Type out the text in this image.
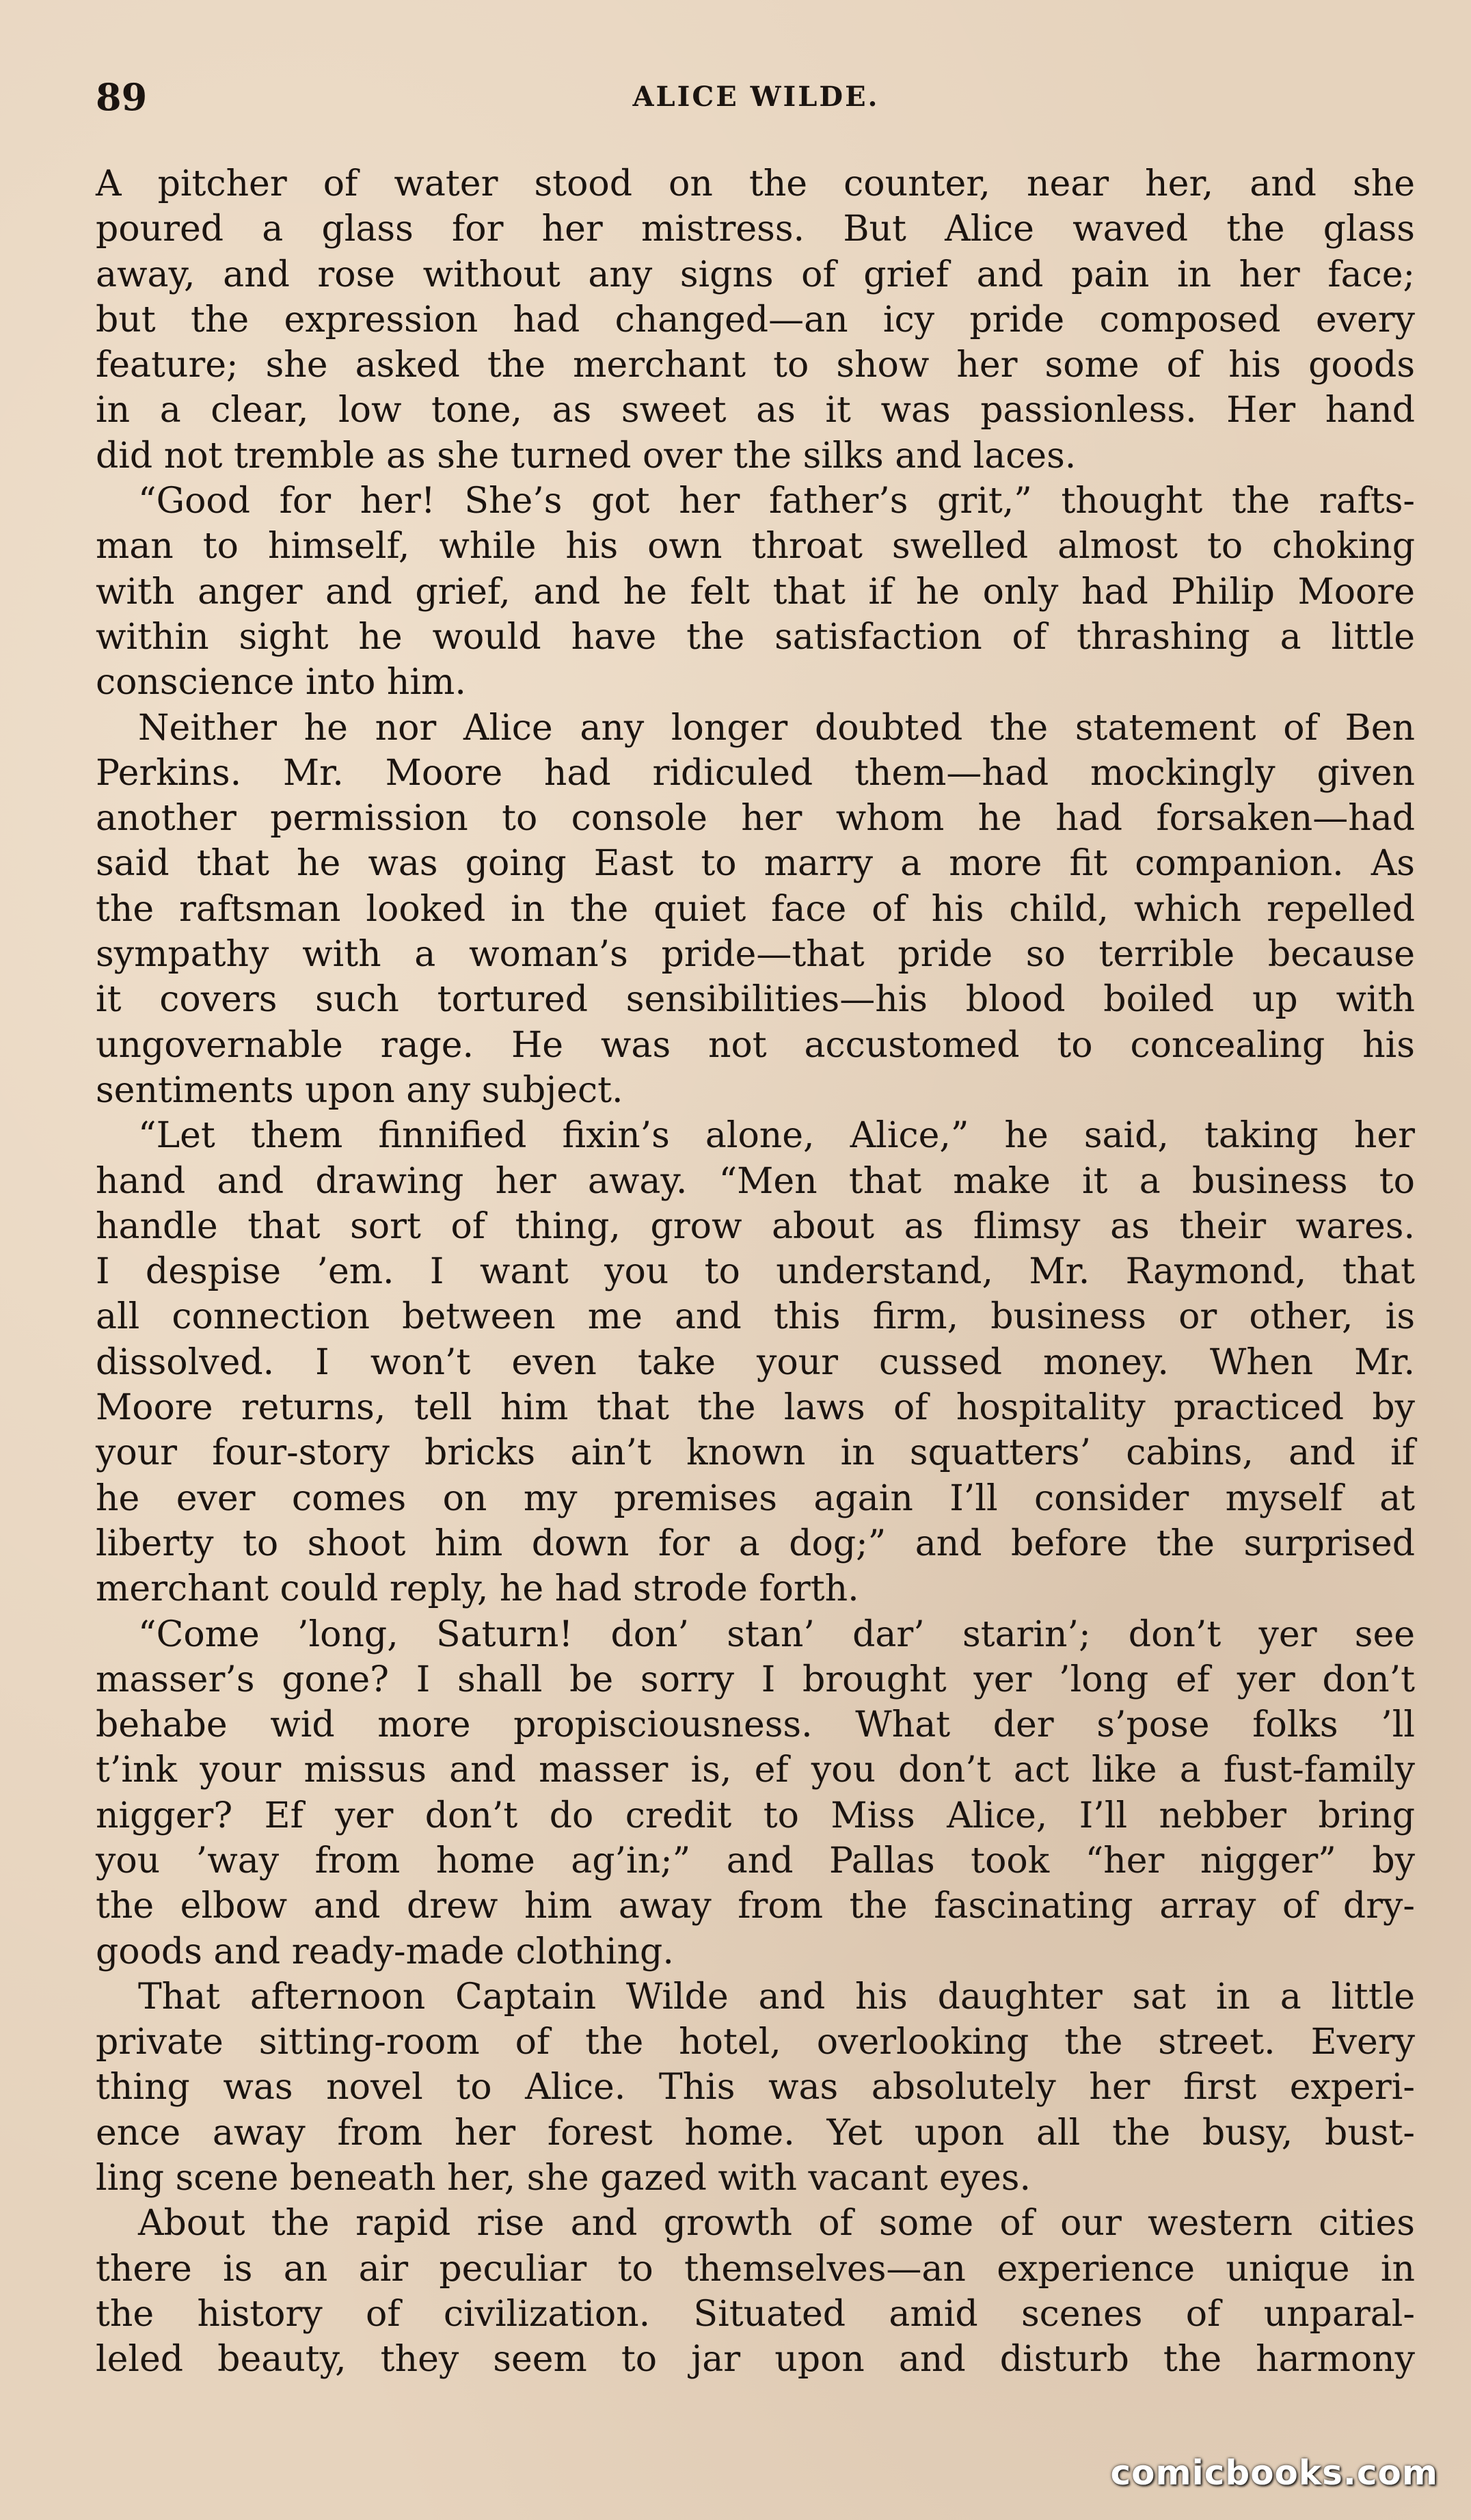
89	ALICE WILDE.

A pitcher of water stood on the counter, near her, and she
poured a glass for her mistress. But Alice waved the glass
away, and rose without any signs of grief and pain in her face;
but the expression had changed—an icy pride composed every
feature; she asked the merchant to show her some of his goods
in a clear, low tone, as sweet as it was passionless. Her hand
did not tremble as she turned over the silks and laces.

“Good for her! She’s got her father’s grit,” thought the rafts-
man to himself, while his own throat swelled almost to choking
with anger and grief, and he felt that if he only had Philip Moore
within sight he would have the satisfaction of thrashing a little
conscience into him.

Neither he nor Alice any longer doubted the statement of Ben
Perkins. Mr. Moore had ridiculed them—had mockingly given
another permission to console her whom he had forsaken—had
said that he was going East to marry a more fit companion. As
the raftsman looked in the quiet face of his child, which repelled
sympathy with a woman’s pride—that pride so terrible because
it covers such tortured sensibilities—his blood boiled up with
ungovernable rage. He was not accustomed to concealing his
sentiments upon any subject.

“Let them finnified fixin’s alone, Alice,” he said, taking her
hand and drawing her away. “Men that make it a business to
handle that sort of thing, grow about as flimsy as their wares.
I despise ’em. I want you to understand, Mr. Raymond, that
all connection between me and this firm, business or other, is
dissolved. I won’t even take your cussed money. When Mr.
Moore returns, tell him that the laws of hospitality practiced by
your four-story bricks ain’t known in squatters’ cabins, and if
he ever comes on my premises again I’ll consider myself at
liberty to shoot him down for a dog;” and before the surprised
merchant could reply, he had strode forth.

“Come ’long, Saturn! don’ stan’ dar’ starin’; don’t yer see
masser’s gone? I shall be sorry I brought yer ’long ef yer don’t
behabe wid more propisciousness. What der s’pose folks ’ll
t’ink your missus and masser is, ef you don’t act like a fust-family
nigger? Ef yer don’t do credit to Miss Alice, I’ll nebber bring
you ’way from home ag’in;” and Pallas took “her nigger” by
the elbow and drew him away from the fascinating array of dry-
goods and ready-made clothing.

That afternoon Captain Wilde and his daughter sat in a little
private sitting-room of the hotel, overlooking the street. Every
thing was novel to Alice. This was absolutely her first experi-
ence away from her forest home. Yet upon all the busy, bust-
ling scene beneath her, she gazed with vacant eyes.

About the rapid rise and growth of some of our western cities
there is an air peculiar to themselves—an experience unique in
the history of civilization. Situated amid scenes of unparal-
leled beauty, they seem to jar upon and disturb the harmony

comicbooks.com
